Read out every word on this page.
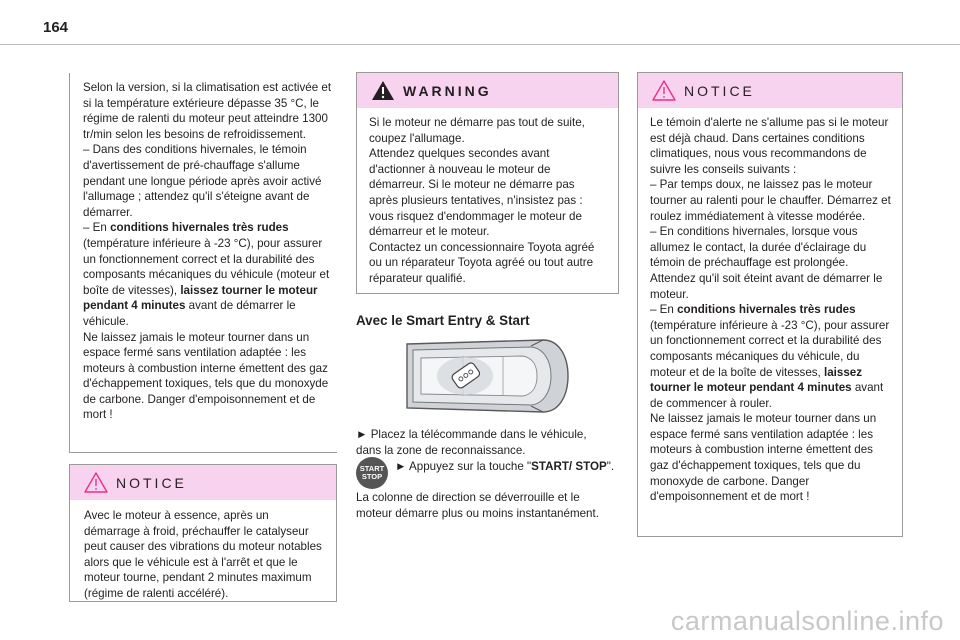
164

Selon la version, si la climatisation est activée et si la température extérieure dépasse 35 °C, le régime de ralenti du moteur peut atteindre 1300 tr/min selon les besoins de refroidissement.

– Dans des conditions hivernales, le témoin d'avertissement de pré-chauffage s'allume pendant une longue période après avoir activé l'allumage ; attendez qu'il s'éteigne avant de démarrer.

– En conditions hivernales très rudes (température inférieure à -23 °C), pour assurer un fonctionnement correct et la durabilité des composants mécaniques du véhicule (moteur et boîte de vitesses), laissez tourner le moteur pendant 4 minutes avant de démarrer le véhicule.

Ne laissez jamais le moteur tourner dans un espace fermé sans ventilation adaptée : les moteurs à combustion interne émettent des gaz d'échappement toxiques, tels que du monoxyde de carbone. Danger d'empoisonnement et de mort !

NOTICE

Avec le moteur à essence, après un démarrage à froid, préchauffer le catalyseur peut causer des vibrations du moteur notables alors que le véhicule est à l'arrêt et que le moteur tourne, pendant 2 minutes maximum (régime de ralenti accéléré).

WARNING

Si le moteur ne démarre pas tout de suite, coupez l'allumage.

Attendez quelques secondes avant d'actionner à nouveau le moteur de démarreur. Si le moteur ne démarre pas après plusieurs tentatives, n'insistez pas : vous risquez d'endommager le moteur de démarreur et le moteur.

Contactez un concessionnaire Toyota agréé ou un réparateur Toyota agréé ou tout autre réparateur qualifié.

Avec le Smart Entry & Start
► Placez la télécommande dans le véhicule, dans la zone de reconnaissance.
START
STOP
► Appuyez sur la touche "START/ STOP".
La colonne de direction se déverrouille et le moteur démarre plus ou moins instantanément.
NOTICE

Le témoin d'alerte ne s'allume pas si le moteur est déjà chaud. Dans certaines conditions climatiques, nous vous recommandons de suivre les conseils suivants :

– Par temps doux, ne laissez pas le moteur tourner au ralenti pour le chauffer. Démarrez et roulez immédiatement à vitesse modérée.

– En conditions hivernales, lorsque vous allumez le contact, la durée d'éclairage du témoin de préchauffage est prolongée. Attendez qu'il soit éteint avant de démarrer le moteur.

– En conditions hivernales très rudes (température inférieure à -23 °C), pour assurer un fonctionnement correct et la durabilité des composants mécaniques du véhicule, du moteur et de la boîte de vitesses, laissez tourner le moteur pendant 4 minutes avant de commencer à rouler.

Ne laissez jamais le moteur tourner dans un espace fermé sans ventilation adaptée : les moteurs à combustion interne émettent des gaz d'échappement toxiques, tels que du monoxyde de carbone. Danger d'empoisonnement et de mort !

carmanualsonline.info
